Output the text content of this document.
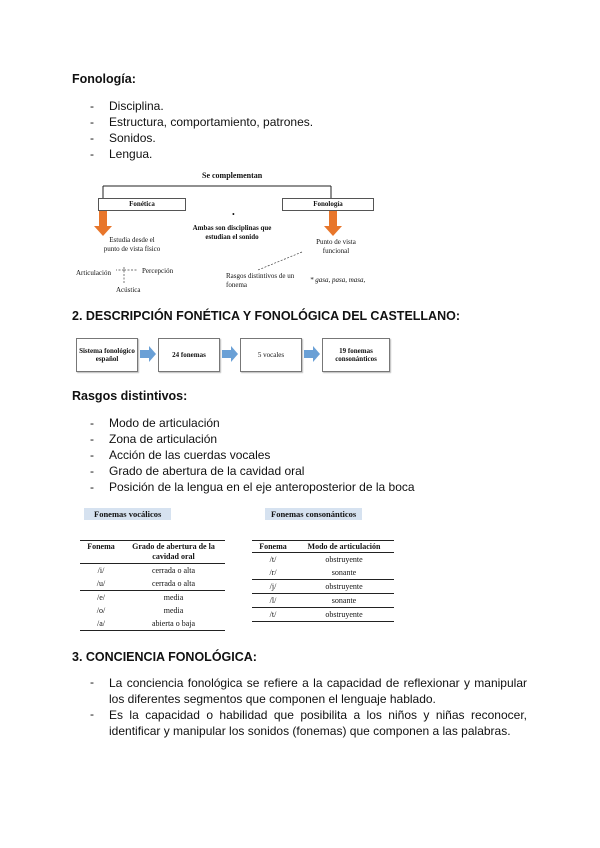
Fonología:
- Disciplina.
- Estructura, comportamiento, patrones.
- Sonidos.
- Lengua.
Se complementan
Fonética	Fonología
•
Ambas son disciplinas que estudian el sonido
Estudia desde el punto de vista físico
Articulación	Percepción
Acústica
Punto de vista funcional
Rasgos distintivos de un fonema
* gasa, pasa, masa,
2. DESCRIPCIÓN FONÉTICA Y FONOLÓGICA DEL CASTELLANO:
Sistema fonológico español	24 fonemas	5 vocales	19 fonemas consonánticos
Rasgos distintivos:
- Modo de articulación
- Zona de articulación
- Acción de las cuerdas vocales
- Grado de abertura de la cavidad oral
- Posición de la lengua en el eje anteroposterior de la boca
Fonemas vocálicos
Fonema	Grado de abertura de la cavidad oral
/i/	cerrada o alta
/u/	cerrada o alta
/e/	media
/o/	media
/a/	abierta o baja
Fonemas consonánticos
Fonema	Modo de articulación
/t/	obstruyente
/r/	sonante
/j/	obstruyente
/l/	sonante
/t/	obstruyente
3. CONCIENCIA FONOLÓGICA:
- La conciencia fonológica se refiere a la capacidad de reflexionar y manipular los diferentes segmentos que componen el lenguaje hablado.
- Es la capacidad o habilidad que posibilita a los niños y niñas reconocer, identificar y manipular los sonidos (fonemas) que componen a las palabras.
